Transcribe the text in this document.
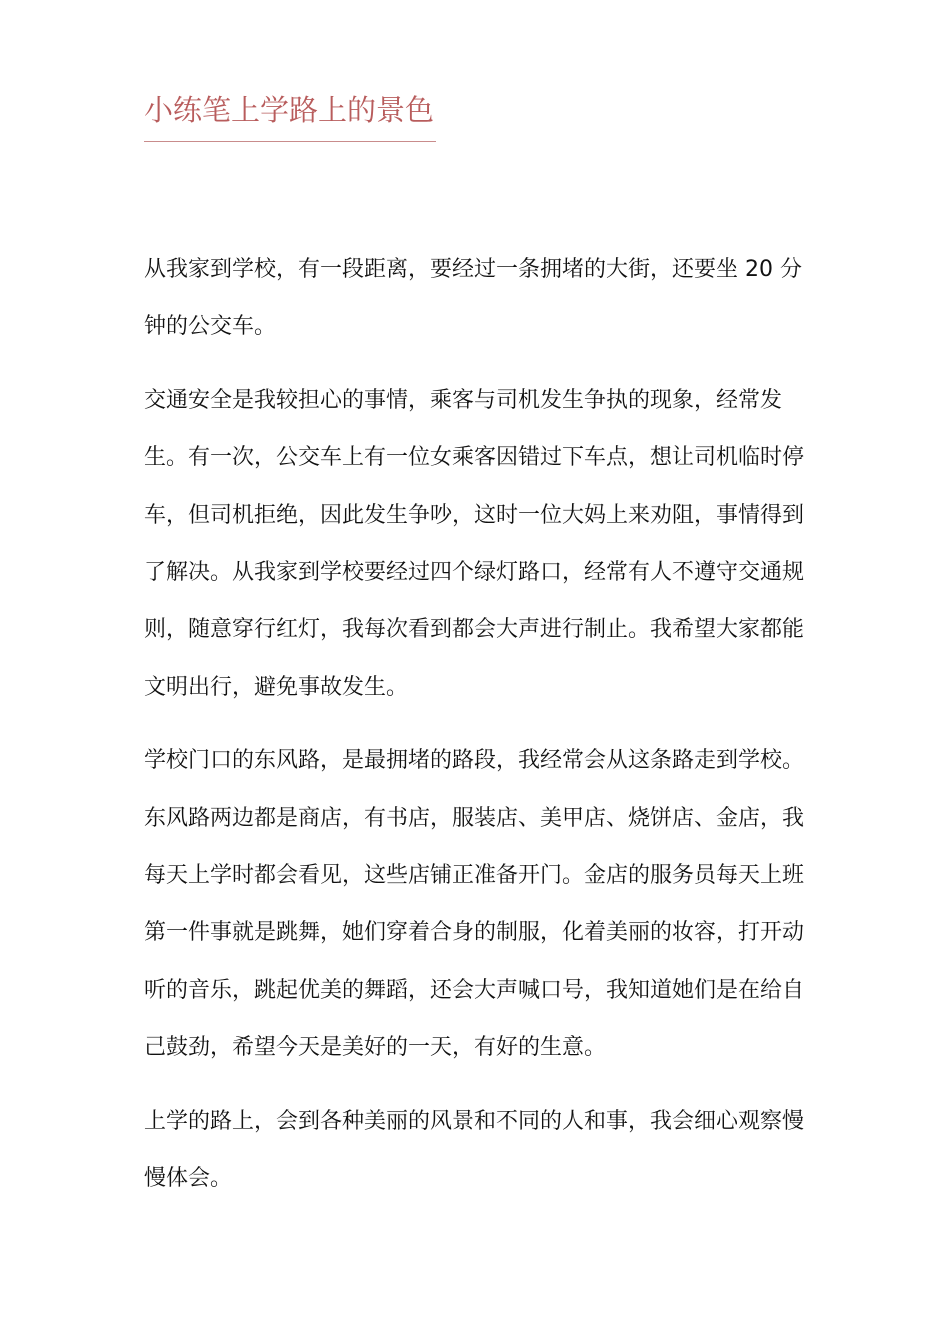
小练笔上学路上的景色

从我家到学校，有一段距离，要经过一条拥堵的大街，还要坐 20 分钟的公交车。

交通安全是我较担心的事情，乘客与司机发生争执的现象，经常发生。有一次，公交车上有一位女乘客因错过下车点，想让司机临时停车，但司机拒绝，因此发生争吵，这时一位大妈上来劝阻，事情得到了解决。从我家到学校要经过四个绿灯路口，经常有人不遵守交通规则，随意穿行红灯，我每次看到都会大声进行制止。我希望大家都能文明出行，避免事故发生。

学校门口的东风路，是最拥堵的路段，我经常会从这条路走到学校。东风路两边都是商店，有书店，服装店、美甲店、烧饼店、金店，我每天上学时都会看见，这些店铺正准备开门。金店的服务员每天上班第一件事就是跳舞，她们穿着合身的制服，化着美丽的妆容，打开动听的音乐，跳起优美的舞蹈，还会大声喊口号，我知道她们是在给自己鼓劲，希望今天是美好的一天，有好的生意。

上学的路上，会到各种美丽的风景和不同的人和事，我会细心观察慢慢体会。
